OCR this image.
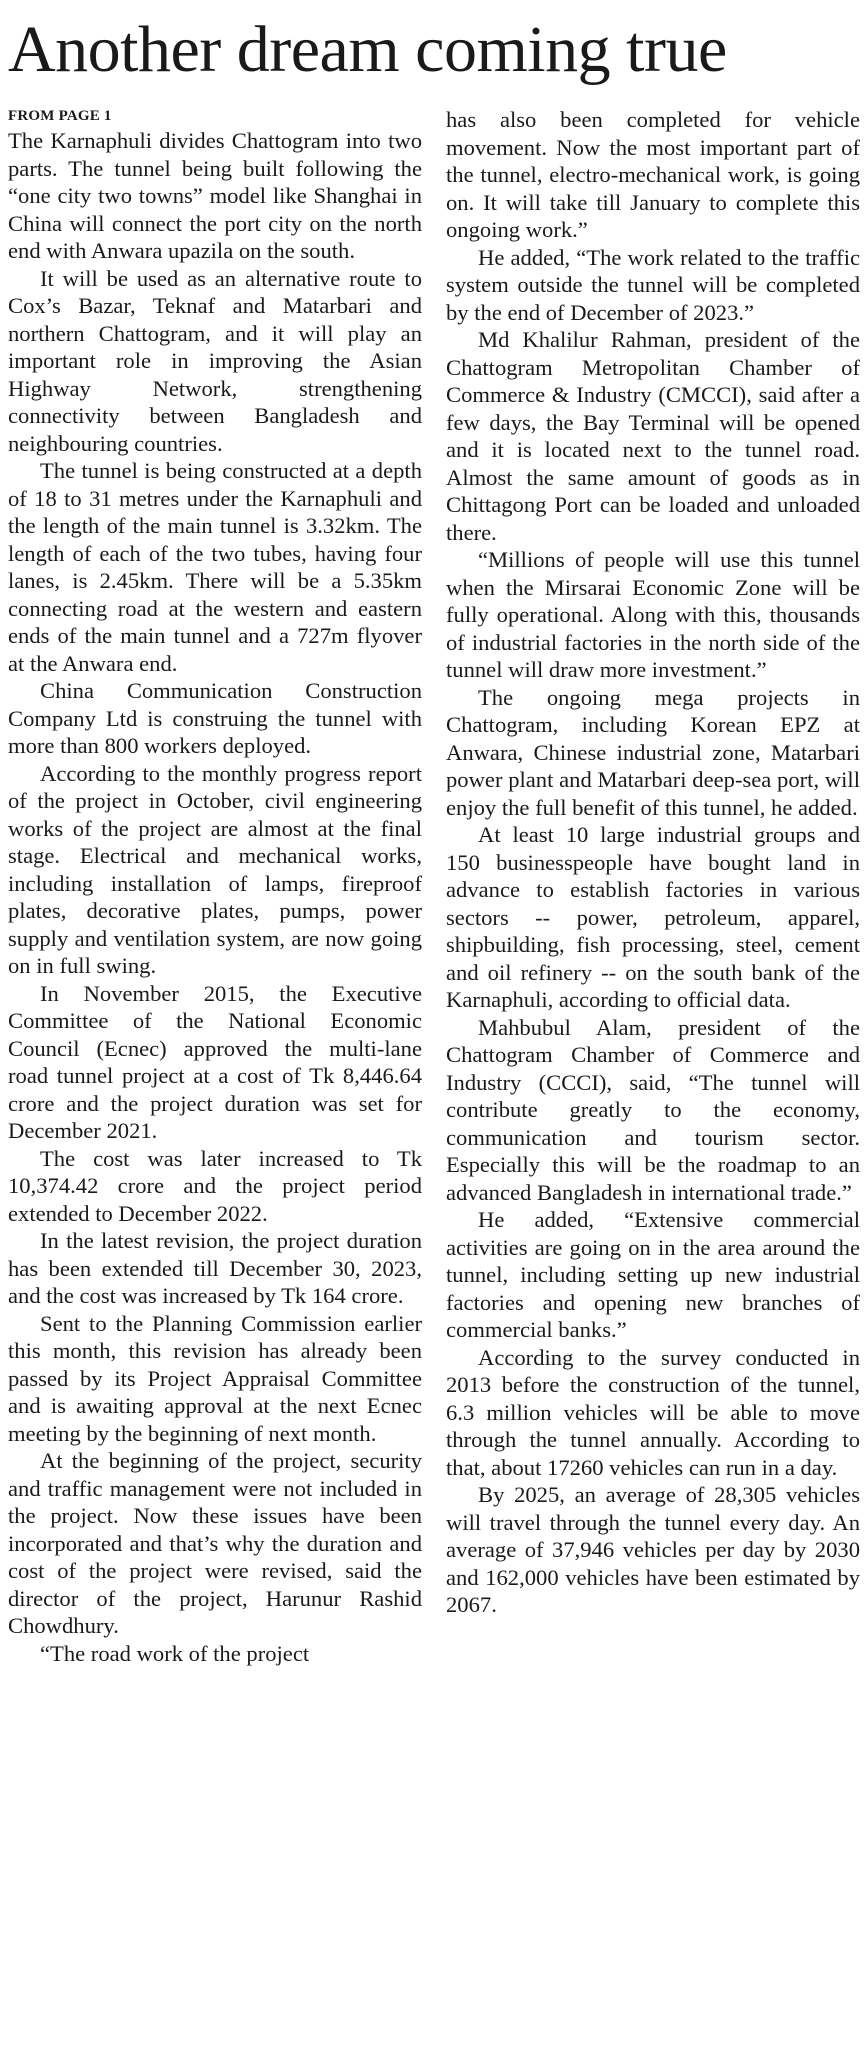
Another dream coming true
FROM PAGE 1

The Karnaphuli divides Chattogram into two parts. The tunnel being built following the “one city two towns” model like Shanghai in China will connect the port city on the north end with Anwara upazila on the south.

It will be used as an alternative route to Cox’s Bazar, Teknaf and Matarbari and northern Chattogram, and it will play an important role in improving the Asian Highway Network, strengthening connectivity between Bangladesh and neighbouring countries.

The tunnel is being constructed at a depth of 18 to 31 metres under the Karnaphuli and the length of the main tunnel is 3.32km. The length of each of the two tubes, having four lanes, is 2.45km. There will be a 5.35km connecting road at the western and eastern ends of the main tunnel and a 727m flyover at the Anwara end.

China Communication Construction Company Ltd is construing the tunnel with more than 800 workers deployed.

According to the monthly progress report of the project in October, civil engineering works of the project are almost at the final stage. Electrical and mechanical works, including installation of lamps, fireproof plates, decorative plates, pumps, power supply and ventilation system, are now going on in full swing.

In November 2015, the Executive Committee of the National Economic Council (Ecnec) approved the multi-lane road tunnel project at a cost of Tk 8,446.64 crore and the project duration was set for December 2021.

The cost was later increased to Tk 10,374.42 crore and the project period extended to December 2022.

In the latest revision, the project duration has been extended till December 30, 2023, and the cost was increased by Tk 164 crore.

Sent to the Planning Commission earlier this month, this revision has already been passed by its Project Appraisal Committee and is awaiting approval at the next Ecnec meeting by the beginning of next month.

At the beginning of the project, security and traffic management were not included in the project. Now these issues have been incorporated and that’s why the duration and cost of the project were revised, said the director of the project, Harunur Rashid Chowdhury.

“The road work of the project

has also been completed for vehicle movement. Now the most important part of the tunnel, electro-mechanical work, is going on. It will take till January to complete this ongoing work.”

He added, “The work related to the traffic system outside the tunnel will be completed by the end of December of 2023.”

Md Khalilur Rahman, president of the Chattogram Metropolitan Chamber of Commerce & Industry (CMCCI), said after a few days, the Bay Terminal will be opened and it is located next to the tunnel road. Almost the same amount of goods as in Chittagong Port can be loaded and unloaded there.

“Millions of people will use this tunnel when the Mirsarai Economic Zone will be fully operational. Along with this, thousands of industrial factories in the north side of the tunnel will draw more investment.”

The ongoing mega projects in Chattogram, including Korean EPZ at Anwara, Chinese industrial zone, Matarbari power plant and Matarbari deep-sea port, will enjoy the full benefit of this tunnel, he added.

At least 10 large industrial groups and 150 businesspeople have bought land in advance to establish factories in various sectors -- power, petroleum, apparel, shipbuilding, fish processing, steel, cement and oil refinery -- on the south bank of the Karnaphuli, according to official data.

Mahbubul Alam, president of the Chattogram Chamber of Commerce and Industry (CCCI), said, “The tunnel will contribute greatly to the economy, communication and tourism sector. Especially this will be the roadmap to an advanced Bangladesh in international trade.”

He added, “Extensive commercial activities are going on in the area around the tunnel, including setting up new industrial factories and opening new branches of commercial banks.”

According to the survey conducted in 2013 before the construction of the tunnel, 6.3 million vehicles will be able to move through the tunnel annually. According to that, about 17260 vehicles can run in a day.

By 2025, an average of 28,305 vehicles will travel through the tunnel every day. An average of 37,946 vehicles per day by 2030 and 162,000 vehicles have been estimated by 2067.
